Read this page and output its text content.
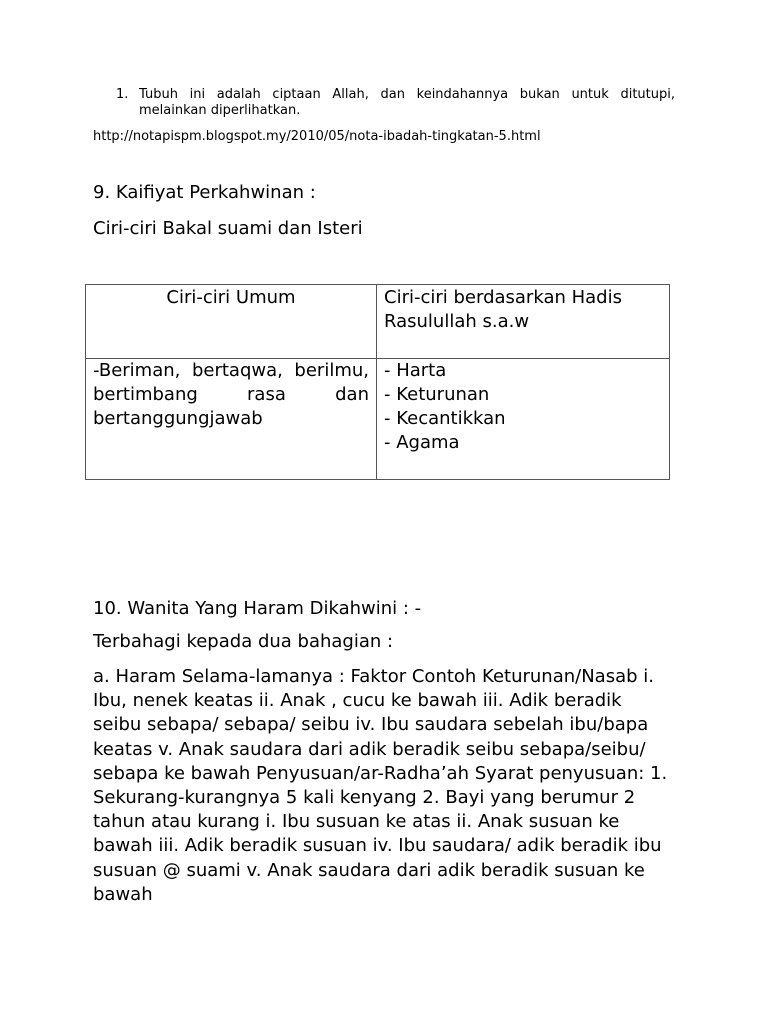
1. Tubuh ini adalah ciptaan Allah, dan keindahannya bukan untuk ditutupi, melainkan diperlihatkan.
http://notapispm.blogspot.my/2010/05/nota-ibadah-tingkatan-5.html
9. Kaifiyat Perkahwinan :
Ciri-ciri Bakal suami dan Isteri
Ciri-ciri Umum	Ciri-ciri berdasarkan Hadis Rasulullah s.a.w
-Beriman, bertaqwa, berilmu, bertimbang rasa dan bertanggungjawab	- Harta
- Keturunan
- Kecantikkan
- Agama
10. Wanita Yang Haram Dikahwini : -
Terbahagi kepada dua bahagian :
a. Haram Selama-lamanya : Faktor Contoh Keturunan/Nasab i. Ibu, nenek keatas ii. Anak , cucu ke bawah iii. Adik beradik seibu sebapa/ sebapa/ seibu iv. Ibu saudara sebelah ibu/bapa keatas v. Anak saudara dari adik beradik seibu sebapa/seibu/ sebapa ke bawah Penyusuan/ar-Radha’ah Syarat penyusuan: 1. Sekurang-kurangnya 5 kali kenyang 2. Bayi yang berumur 2 tahun atau kurang i. Ibu susuan ke atas ii. Anak susuan ke bawah iii. Adik beradik susuan iv. Ibu saudara/ adik beradik ibu susuan @ suami v. Anak saudara dari adik beradik susuan ke bawah
